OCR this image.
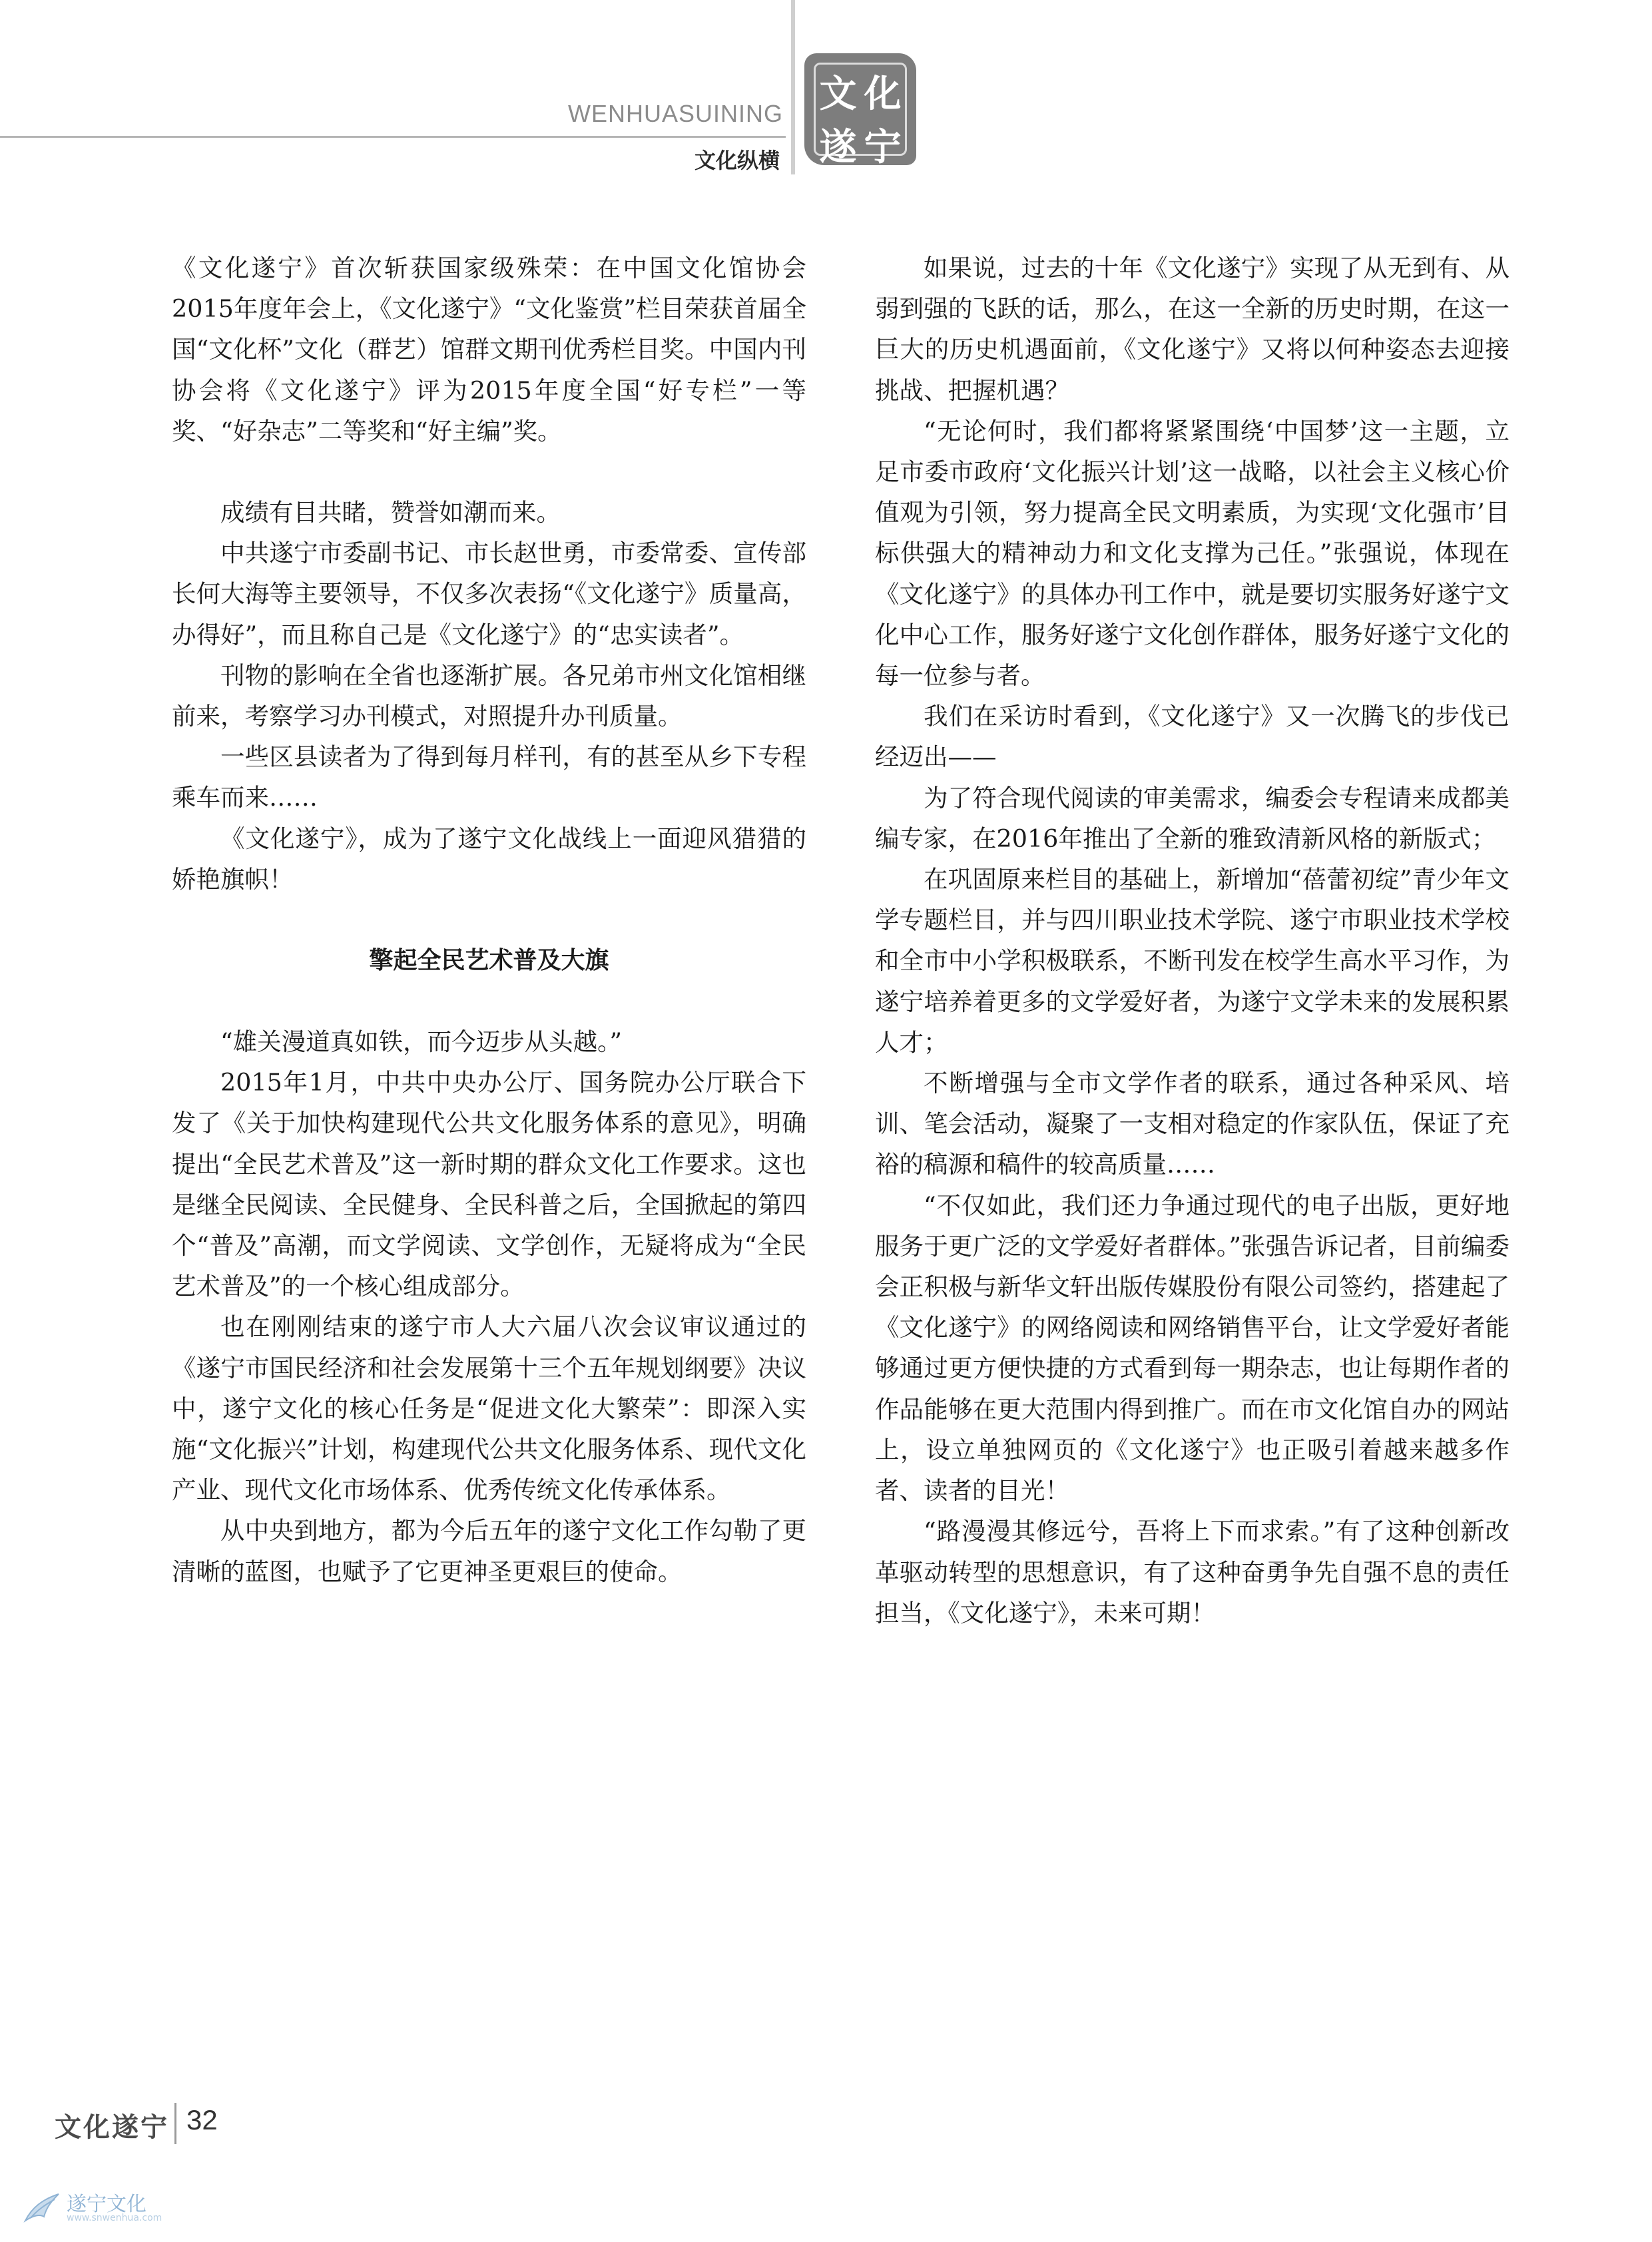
WENHUASUINING
文化纵横
文 化
遂 宁

《文化遂宁》首次斩获国家级殊荣：在中国文化馆协会2015年度年会上，《文化遂宁》“文化鉴赏”栏目荣获首届全国“文化杯”文化（群艺）馆群文期刊优秀栏目奖。中国内刊协会将《文化遂宁》评为2015年度全国“好专栏”一等奖、“好杂志”二等奖和“好主编”奖。

成绩有目共睹，赞誉如潮而来。

中共遂宁市委副书记、市长赵世勇，市委常委、宣传部长何大海等主要领导，不仅多次表扬“《文化遂宁》质量高，办得好”，而且称自己是《文化遂宁》的“忠实读者”。

刊物的影响在全省也逐渐扩展。各兄弟市州文化馆相继前来，考察学习办刊模式，对照提升办刊质量。

一些区县读者为了得到每月样刊，有的甚至从乡下专程乘车而来……

《文化遂宁》，成为了遂宁文化战线上一面迎风猎猎的娇艳旗帜！

擎起全民艺术普及大旗

“雄关漫道真如铁，而今迈步从头越。”

2015年1月，中共中央办公厅、国务院办公厅联合下发了《关于加快构建现代公共文化服务体系的意见》，明确提出“全民艺术普及”这一新时期的群众文化工作要求。这也是继全民阅读、全民健身、全民科普之后，全国掀起的第四个“普及”高潮，而文学阅读、文学创作，无疑将成为“全民艺术普及”的一个核心组成部分。

也在刚刚结束的遂宁市人大六届八次会议审议通过的《遂宁市国民经济和社会发展第十三个五年规划纲要》决议中，遂宁文化的核心任务是“促进文化大繁荣”：即深入实施“文化振兴”计划，构建现代公共文化服务体系、现代文化产业、现代文化市场体系、优秀传统文化传承体系。

从中央到地方，都为今后五年的遂宁文化工作勾勒了更清晰的蓝图，也赋予了它更神圣更艰巨的使命。

如果说，过去的十年《文化遂宁》实现了从无到有、从弱到强的飞跃的话，那么，在这一全新的历史时期，在这一巨大的历史机遇面前，《文化遂宁》又将以何种姿态去迎接挑战、把握机遇？

“无论何时，我们都将紧紧围绕‘中国梦’这一主题，立足市委市政府‘文化振兴计划’这一战略，以社会主义核心价值观为引领，努力提高全民文明素质，为实现‘文化强市’目标供强大的精神动力和文化支撑为己任。”张强说，体现在《文化遂宁》的具体办刊工作中，就是要切实服务好遂宁文化中心工作，服务好遂宁文化创作群体，服务好遂宁文化的每一位参与者。

我们在采访时看到，《文化遂宁》又一次腾飞的步伐已经迈出——

为了符合现代阅读的审美需求，编委会专程请来成都美编专家，在2016年推出了全新的雅致清新风格的新版式；

在巩固原来栏目的基础上，新增加“蓓蕾初绽”青少年文学专题栏目，并与四川职业技术学院、遂宁市职业技术学校和全市中小学积极联系，不断刊发在校学生高水平习作，为遂宁培养着更多的文学爱好者，为遂宁文学未来的发展积累人才；

不断增强与全市文学作者的联系，通过各种采风、培训、笔会活动，凝聚了一支相对稳定的作家队伍，保证了充裕的稿源和稿件的较高质量……

“不仅如此，我们还力争通过现代的电子出版，更好地服务于更广泛的文学爱好者群体。”张强告诉记者，目前编委会正积极与新华文轩出版传媒股份有限公司签约，搭建起了《文化遂宁》的网络阅读和网络销售平台，让文学爱好者能够通过更方便快捷的方式看到每一期杂志，也让每期作者的作品能够在更大范围内得到推广。而在市文化馆自办的网站上，设立单独网页的《文化遂宁》也正吸引着越来越多作者、读者的目光！

“路漫漫其修远兮，吾将上下而求索。”有了这种创新改革驱动转型的思想意识，有了这种奋勇争先自强不息的责任担当，《文化遂宁》，未来可期！

文化遂宁 32
遂宁文化
www.snwenhua.com
